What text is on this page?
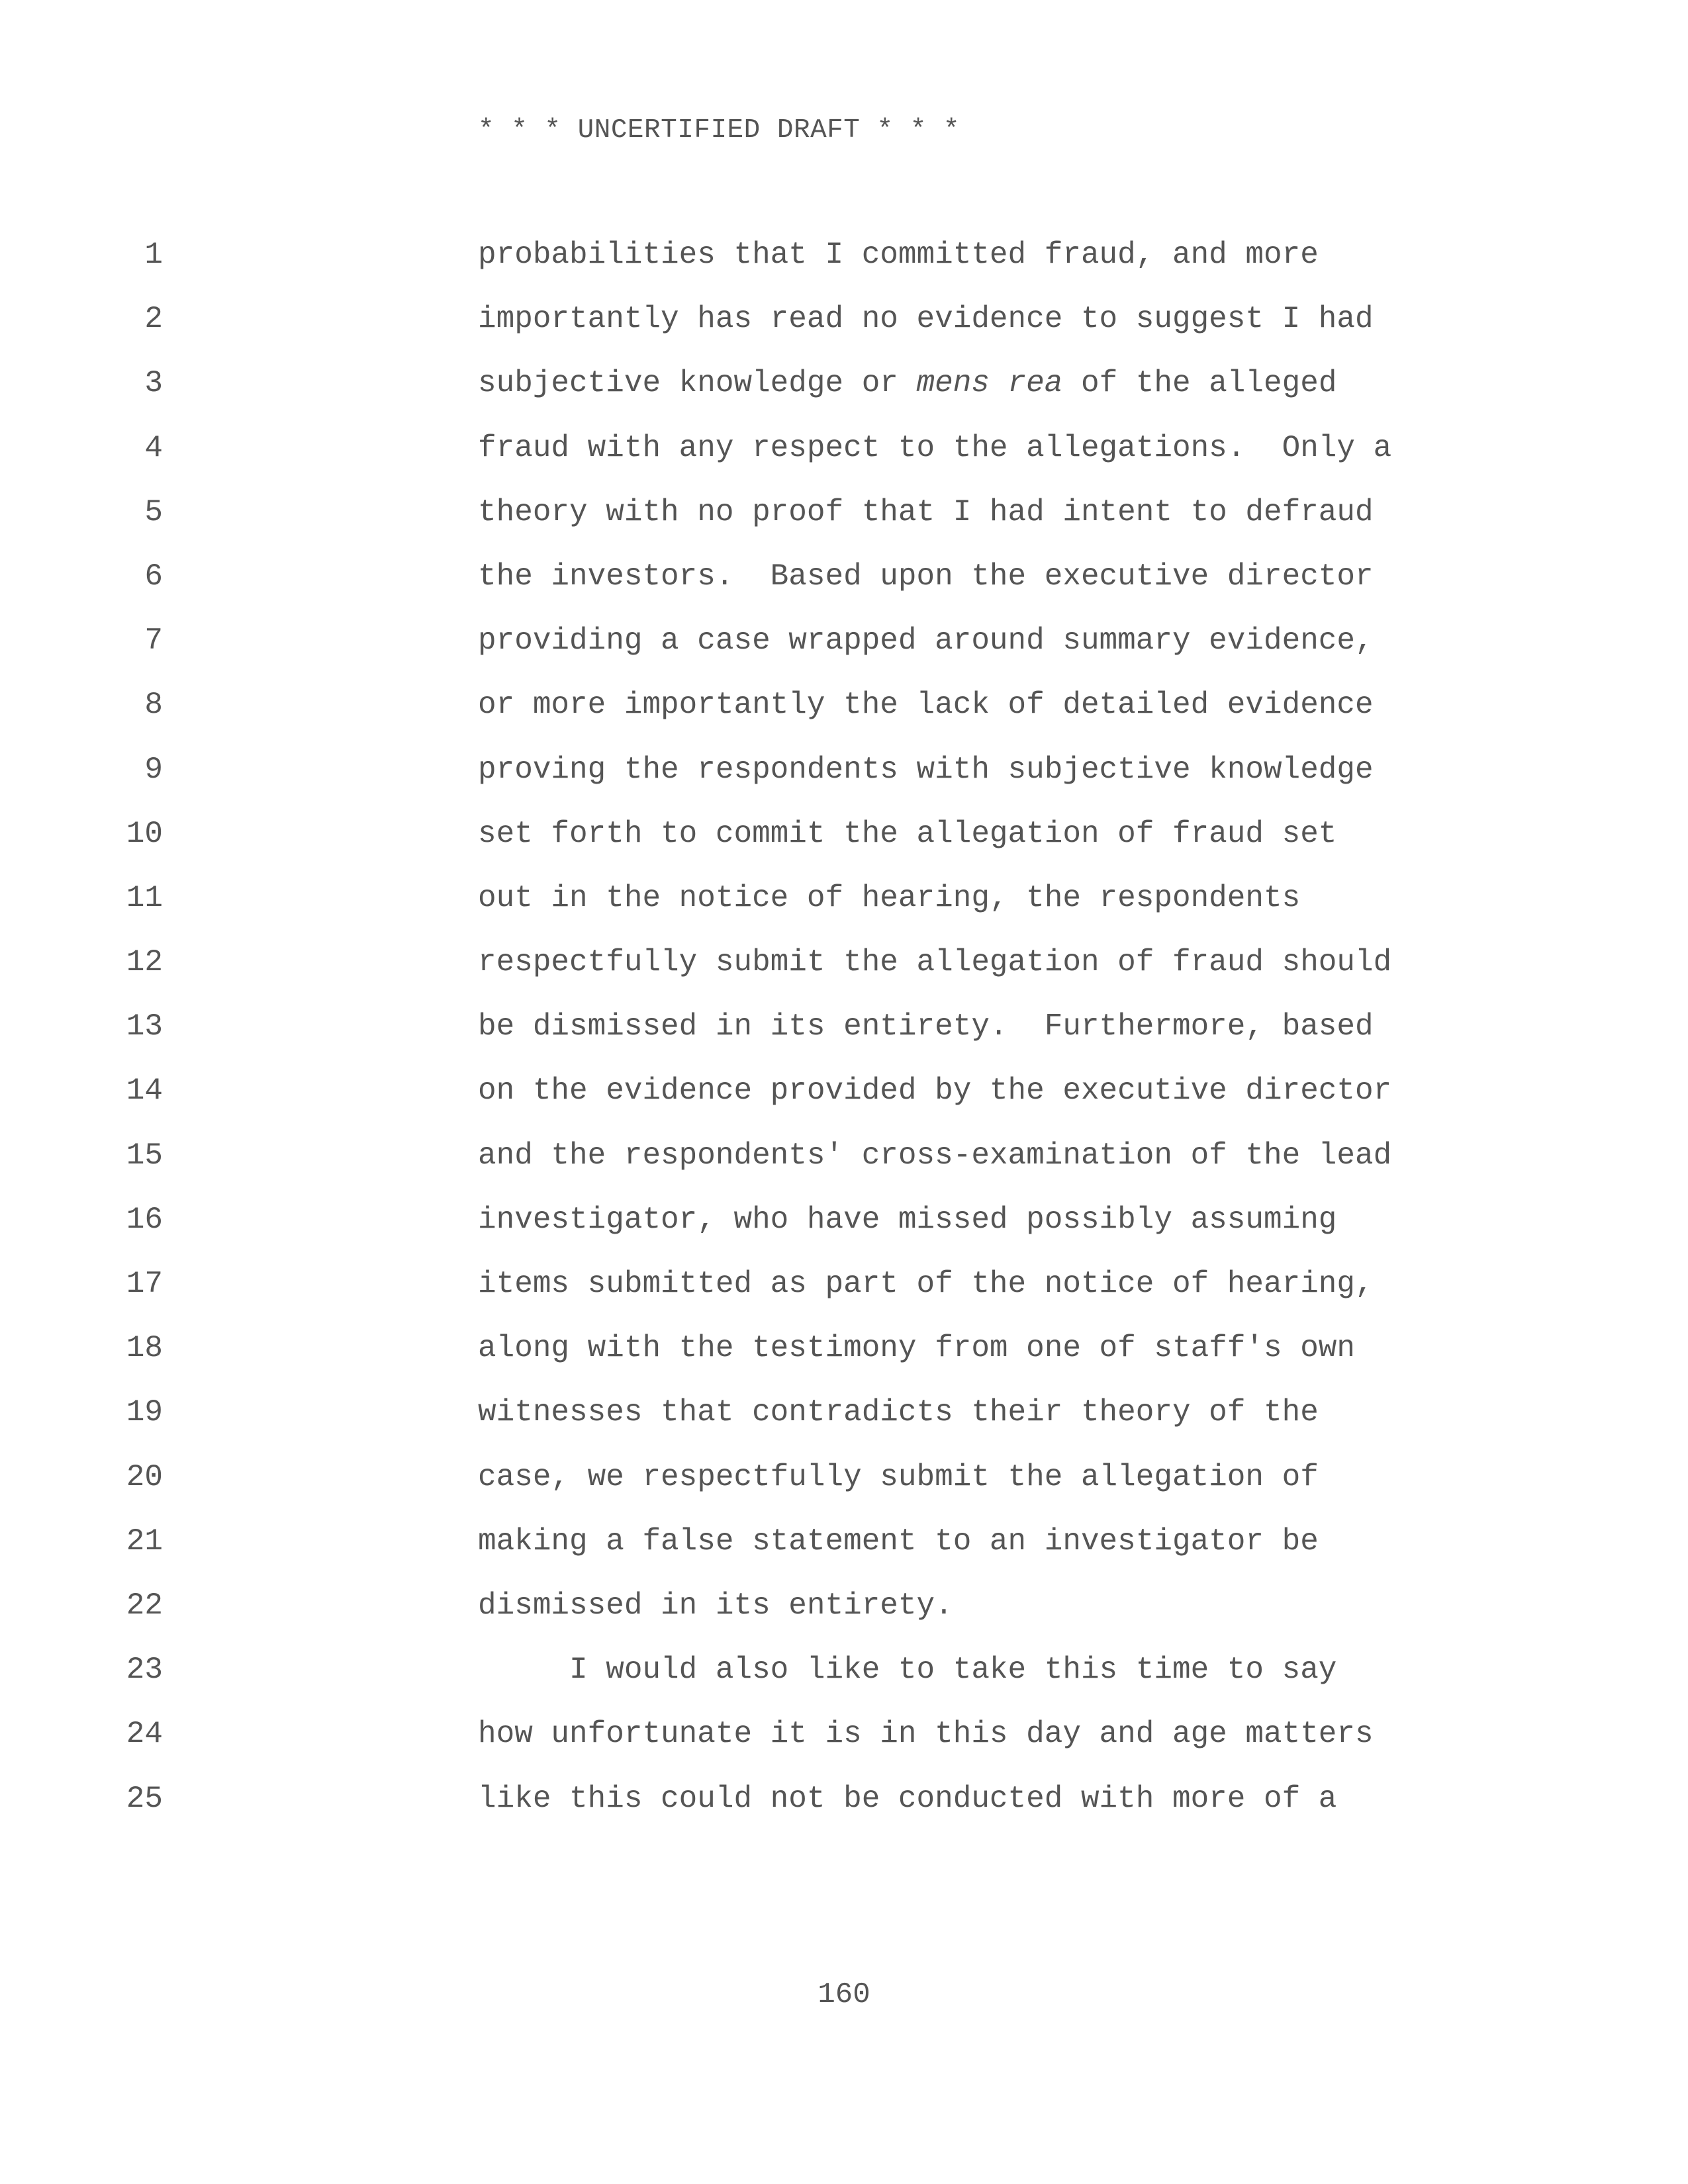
* * * UNCERTIFIED DRAFT * * *
1	probabilities that I committed fraud, and more
2	importantly has read no evidence to suggest I had
3	subjective knowledge or mens rea of the alleged
4	fraud with any respect to the allegations.  Only a
5	theory with no proof that I had intent to defraud
6	the investors.  Based upon the executive director
7	providing a case wrapped around summary evidence,
8	or more importantly the lack of detailed evidence
9	proving the respondents with subjective knowledge
10	set forth to commit the allegation of fraud set
11	out in the notice of hearing, the respondents
12	respectfully submit the allegation of fraud should
13	be dismissed in its entirety.  Furthermore, based
14	on the evidence provided by the executive director
15	and the respondents' cross-examination of the lead
16	investigator, who have missed possibly assuming
17	items submitted as part of the notice of hearing,
18	along with the testimony from one of staff's own
19	witnesses that contradicts their theory of the
20	case, we respectfully submit the allegation of
21	making a false statement to an investigator be
22	dismissed in its entirety.
23	I would also like to take this time to say
24	how unfortunate it is in this day and age matters
25	like this could not be conducted with more of a
160
